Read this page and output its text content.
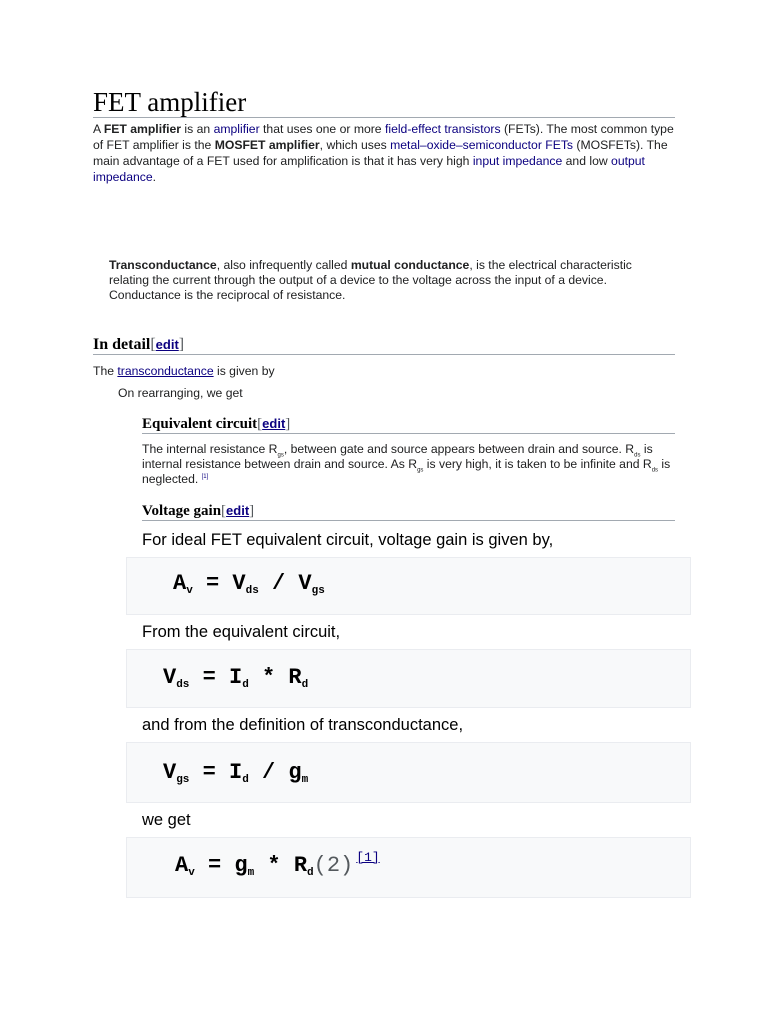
FET amplifier

A FET amplifier is an amplifier that uses one or more field-effect transistors (FETs). The most common type of FET amplifier is the MOSFET amplifier, which uses metal–oxide–semiconductor FETs (MOSFETs). The main advantage of a FET used for amplification is that it has very high input impedance and low output impedance.

Transconductance, also infrequently called mutual conductance, is the electrical characteristic relating the current through the output of a device to the voltage across the input of a device. Conductance is the reciprocal of resistance.

In detail[edit]

The transconductance is given by

On rearranging, we get

Equivalent circuit[edit]

The internal resistance $R_{gs}$, between gate and source appears between drain and source. $R_{ds}$ is internal resistance between drain and source. As $R_{gs}$ is very high, it is taken to be infinite and $R_{ds}$ is neglected. [1]

Voltage gain[edit]

For ideal FET equivalent circuit, voltage gain is given by,

$A_v = V_{ds} / V_{gs}$

From the equivalent circuit,

$V_{ds} = I_d * R_d$

and from the definition of transconductance,

$V_{gs} = I_d / g_m$

we get

$A_v = g_m * R_d(2)$ [1]
